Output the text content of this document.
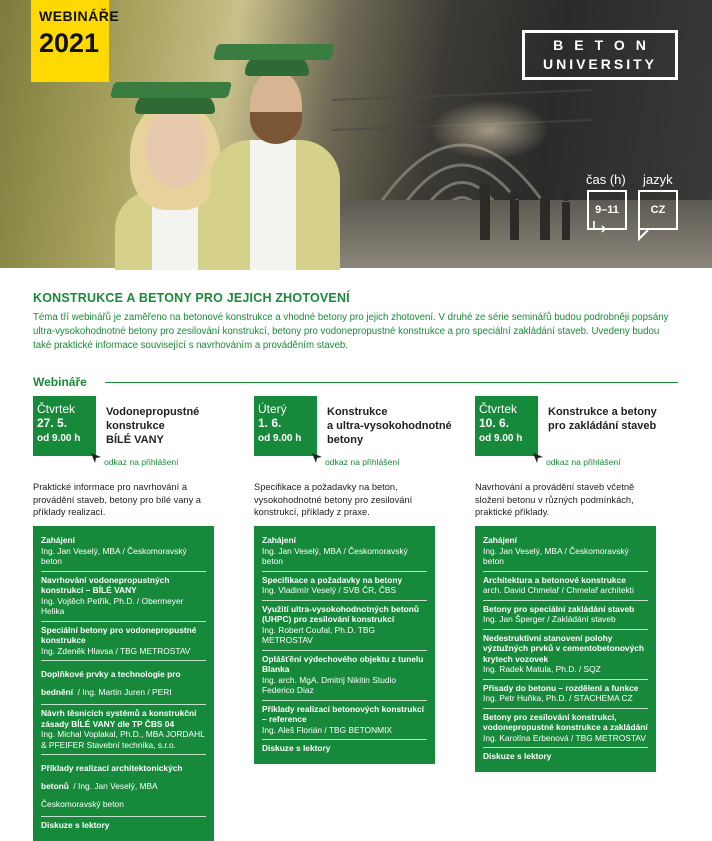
WEBINÁŘE
2021	BETON
UNIVERSITY
čas (h) jazyk
9–11	CZ
KONSTRUKCE A BETONY PRO JEJICH ZHOTOVENÍ
Téma tří webinářů je zaměřeno na betonové konstrukce a vhodné betony pro jejich zhotovení. V druhé ze série seminářů budou podrobněji popsány ultra-vysokohodnotné betony pro zesilování konstrukcí, betony pro vodonepropustné konstrukce a pro speciální zakládání staveb. Uvedeny budou také praktické informace související s navrhováním a prováděním staveb.
Webináře
Čtvrtek
27. 5.
od 9.00 h
odkaz na přihlášení
Vodonepropustné
konstrukce
BÍLÉ VANY
Praktické informace pro navrhování a provádění staveb, betony pro bílé vany a příklady realizací.
Zahájení
Ing. Jan Veselý, MBA / Českomoravský beton
Navrhování vodonepropustných konstrukcí – BÍLÉ VANY
Ing. Vojtěch Petřík, Ph.D. / Obermeyer Helika
Speciální betony pro vodonepropustné konstrukce
Ing. Zdeněk Hlavsa / TBG METROSTAV
Doplňkové prvky a technologie pro bednění / Ing. Martin Juren / PERI
Návrh těsnicích systémů a konstrukční zásady BÍLÉ VANY dle TP ČBS 04
Ing. Michal Voplakal, Ph.D., MBA JORDAHL & PFEIFER Stavební technika, s.r.o.
Příklady realizací architektonických betonů / Ing. Jan Veselý, MBA Českomoravský beton
Diskuze s lektory
Úterý
1. 6.
od 9.00 h
odkaz na přihlášení
Konstrukce
a ultra-vysokohodnotné
betony
Specifikace a požadavky na beton, vysokohodnotné betony pro zesilování konstrukcí, příklady z praxe.
Zahájení
Ing. Jan Veselý, MBA / Českomoravský beton
Specifikace a požadavky na betony
Ing. Vladimír Veselý / SVB ČR, ČBS
Využití ultra-vysokohodnotných betonů (UHPC) pro zesilování konstrukcí
Ing. Robert Coufal, Ph.D. TBG METROSTAV
Oplášťění výdechového objektu z tunelu Blanka
Ing. arch. MgA. Dmitrij Nikitin Studio Federico Diaz
Příklady realizací betonových konstrukcí – reference
Ing. Aleš Florián / TBG BETONMIX
Diskuze s lektory
Čtvrtek
10. 6.
od 9.00 h
odkaz na přihlášení
Konstrukce a betony
pro zakládání staveb
Navrhování a provádění staveb včetně složení betonu v různých podmínkách, praktické příklady.
Zahájení
Ing. Jan Veselý, MBA / Českomoravský beton
Architektura a betonové konstrukce
arch. David Chmelař / Chmelař architekti
Betony pro speciální zakládání staveb
Ing. Jan Šperger / Zakládání staveb
Nedestruktivní stanovení polohy výztužných prvků v cementobetonových krytech vozovek
Ing. Radek Matula, Ph.D. / SQZ
Přísady do betonu – rozdělení a funkce
Ing. Petr Huňka, Ph.D. / STACHEMA CZ
Betony pro zesilování konstrukcí, vodonepropustné konstrukce a zakládání
Ing. Karolína Erbenová / TBG METROSTAV
Diskuze s lektory
